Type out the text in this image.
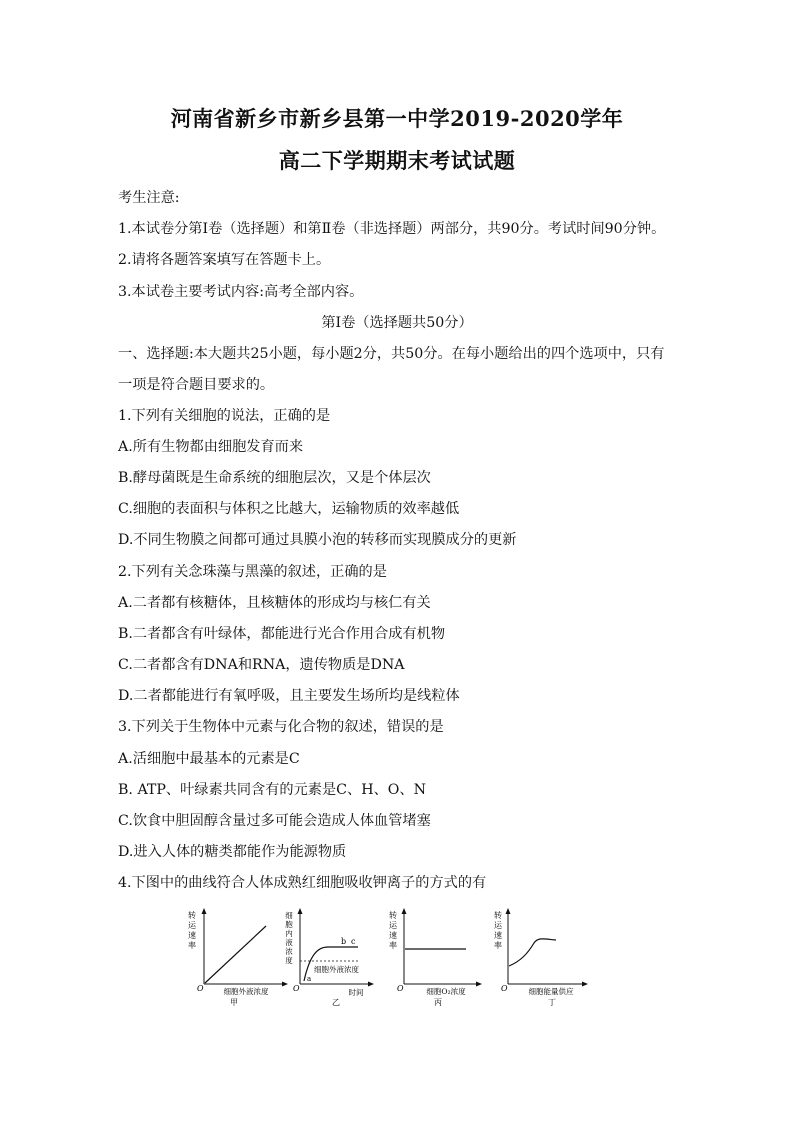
河南省新乡市新乡县第一中学2019-2020学年
高二下学期期末考试试题
考生注意:
1.本试卷分第Ⅰ卷（选择题）和第Ⅱ卷（非选择题）两部分，共90分。考试时间90分钟。
2.请将各题答案填写在答题卡上。
3.本试卷主要考试内容:高考全部内容。
第Ⅰ卷（选择题共50分）
一、选择题:本大题共25小题，每小题2分，共50分。在每小题给出的四个选项中，只有
一项是符合题目要求的。
1.下列有关细胞的说法，正确的是
A.所有生物都由细胞发育而来
B.酵母菌既是生命系统的细胞层次，又是个体层次
C.细胞的表面积与体积之比越大，运输物质的效率越低
D.不同生物膜之间都可通过具膜小泡的转移而实现膜成分的更新
2.下列有关念珠藻与黑藻的叙述，正确的是
A.二者都有核糖体，且核糖体的形成均与核仁有关
B.二者都含有叶绿体，都能进行光合作用合成有机物
C.二者都含有DNA和RNA，遗传物质是DNA
D.二者都能进行有氧呼吸，且主要发生场所均是线粒体
3.下列关于生物体中元素与化合物的叙述，错误的是
A.活细胞中最基本的元素是C
B. ATP、叶绿素共同含有的元素是C、H、O、N
C.饮食中胆固醇含量过多可能会造成人体血管堵塞
D.进入人体的糖类都能作为能源物质
4.下图中的曲线符合人体成熟红细胞吸收钾离子的方式的有
转
运
速
率
O	细胞外液浓度
甲
细
胞
内
液
浓
度
b c
a
细胞外液浓度
O	时间
乙
转
运
速
率
O	细胞O₂浓度
丙
转
运
速
率
O	细胞能量供应
丁
